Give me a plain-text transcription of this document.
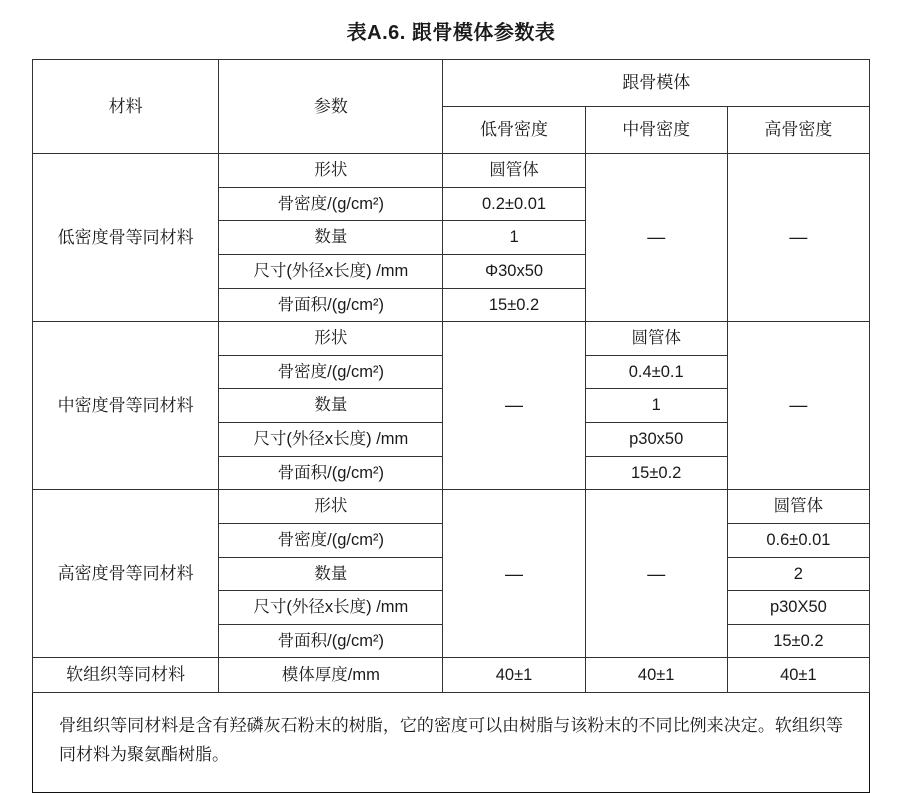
表A.6. 跟骨模体参数表
材料	参数	跟骨模体		
		低骨密度	中骨密度	高骨密度
低密度骨等同材料	形状	圆管体	—	—
	骨密度/(g/cm²)	0.2±0.01		
	数量	1		
	尺寸(外径x长度) /mm	Φ30x50		
	骨面积/(g/cm²)	15±0.2		
中密度骨等同材料	形状	—	圆管体	—
	骨密度/(g/cm²)		0.4±0.1	
	数量		1	
	尺寸(外径x长度) /mm		p30x50	
	骨面积/(g/cm²)		15±0.2	
高密度骨等同材料	形状	—	—	圆管体
	骨密度/(g/cm²)			0.6±0.01
	数量			2
	尺寸(外径x长度) /mm			p30X50
	骨面积/(g/cm²)			15±0.2
软组织等同材料	模体厚度/mm	40±1	40±1	40±1
骨组织等同材料是含有羟磷灰石粉末的树脂，它的密度可以由树脂与该粉末的不同比例来决定。软组织等同材料为聚氨酯树脂。
